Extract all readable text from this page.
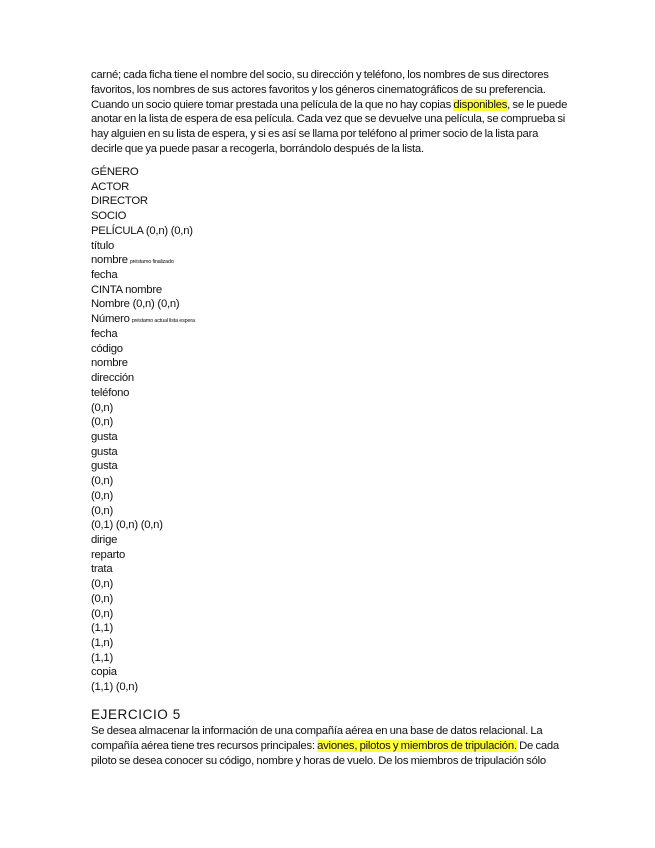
carné; cada ficha tiene el nombre del socio, su dirección y teléfono, los nombres de sus directores favoritos, los nombres de sus actores favoritos y los géneros cinematográficos de su preferencia. Cuando un socio quiere tomar prestada una película de la que no hay copias disponibles, se le puede anotar en la lista de espera de esa película. Cada vez que se devuelve una película, se comprueba si hay alguien en su lista de espera, y si es así se llama por teléfono al primer socio de la lista para decirle que ya puede pasar a recogerla, borrándolo después de la lista.

GÉNERO
ACTOR
DIRECTOR
SOCIO
PELÍCULA (0,n) (0,n)
título
nombre préstamo finalizado
fecha
CINTA nombre
Nombre (0,n) (0,n)
Número préstamo actual lista espera
fecha
código
nombre
dirección
teléfono
(0,n)
(0,n)
gusta
gusta
gusta
(0,n)
(0,n)
(0,n)
(0,1) (0,n) (0,n)
dirige
reparto
trata
(0,n)
(0,n)
(0,n)
(1,1)
(1,n)
(1,1)
copia
(1,1) (0,n)
EJERCICIO 5

Se desea almacenar la información de una compañía aérea en una base de datos relacional. La compañía aérea tiene tres recursos principales: aviones, pilotos y miembros de tripulación. De cada piloto se desea conocer su código, nombre y horas de vuelo. De los miembros de tripulación sólo
